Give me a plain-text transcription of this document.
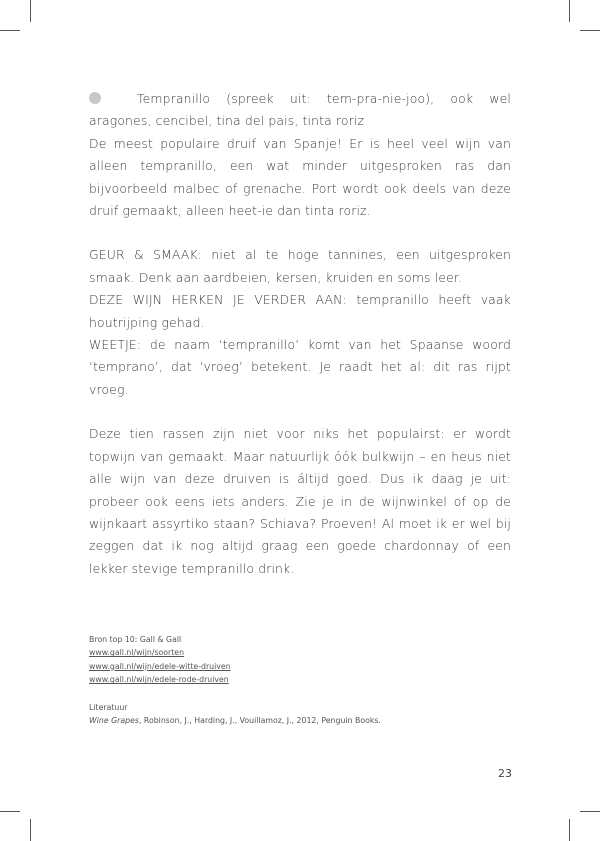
Tempranillo (spreek uit: tem-pra-nie-joo), ook wel aragones, cencibel, tina del pais, tinta roriz

De meest populaire druif van Spanje! Er is heel veel wijn van alleen tempranillo, een wat minder uitgesproken ras dan bijvoorbeeld malbec of grenache. Port wordt ook deels van deze druif gemaakt, alleen heet-ie dan tinta roriz.

GEUR & SMAAK: niet al te hoge tannines, een uitgesproken smaak. Denk aan aardbeien, kersen, kruiden en soms leer.

DEZE WIJN HERKEN JE VERDER AAN: tempranillo heeft vaak houtrijping gehad.

WEETJE: de naam ‘tempranillo’ komt van het Spaanse woord ‘temprano’, dat ‘vroeg’ betekent. Je raadt het al: dit ras rijpt vroeg.

Deze tien rassen zijn niet voor niks het populairst: er wordt topwijn van gemaakt. Maar natuurlijk óók bulkwijn – en heus niet alle wijn van deze druiven is áltijd goed. Dus ik daag je uit: probeer ook eens iets anders. Zie je in de wijnwinkel of op de wijnkaart assyrtiko staan? Schiava? Proeven! Al moet ik er wel bij zeggen dat ik nog altijd graag een goede chardonnay of een lekker stevige tempranillo drink.

Bron top 10: Gall & Gall

www.gall.nl/wijn/soorten

www.gall.nl/wijn/edele-witte-druiven

www.gall.nl/wijn/edele-rode-druiven

Literatuur

Wine Grapes, Robinson, J., Harding, J., Vouillamoz, J., 2012, Penguin Books.

23
